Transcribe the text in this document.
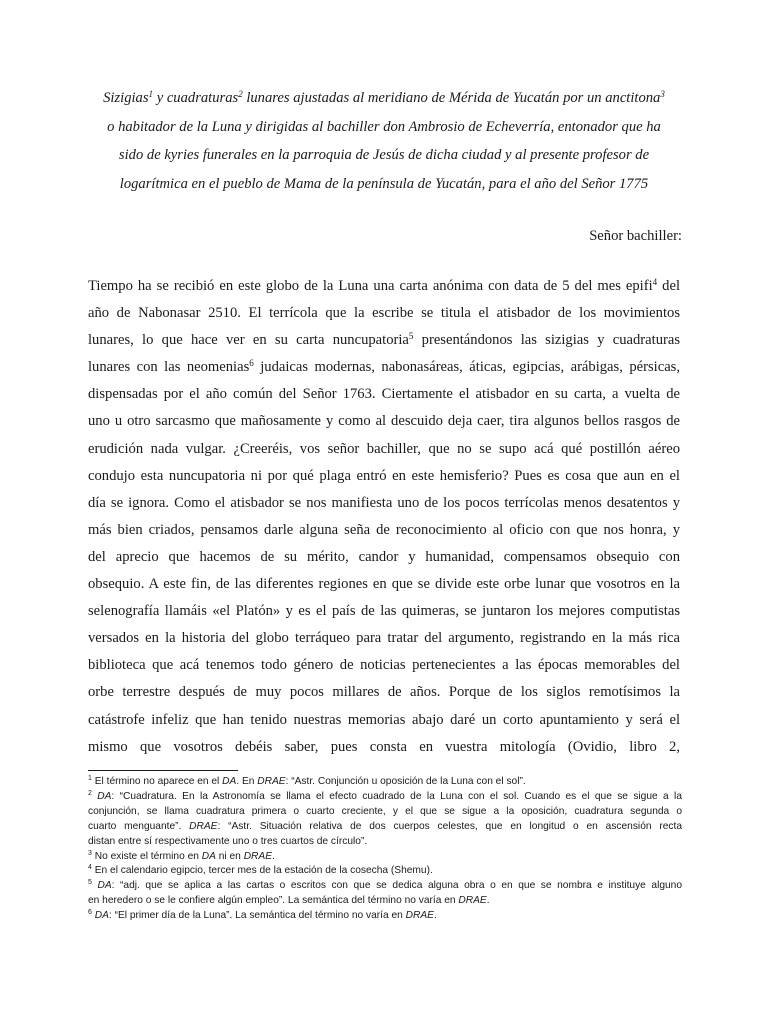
Sizigias$^1$ y cuadraturas$^2$ lunares ajustadas al meridiano de Mérida de Yucatán por un anctitona$^3$
o habitador de la Luna y dirigidas al bachiller don Ambrosio de Echeverría, entonador que ha
sido de kyries funerales en la parroquia de Jesús de dicha ciudad y al presente profesor de
logarítmica en el pueblo de Mama de la península de Yucatán, para el año del Señor 1775

Señor bachiller:

Tiempo ha se recibió en este globo de la Luna una carta anónima con data de 5 del mes epifi$^4$ del
año de Nabonasar 2510. El terrícola que la escribe se titula el atisbador de los movimientos
lunares, lo que hace ver en su carta nuncupatoria$^5$ presentándonos las sizigias y cuadraturas
lunares con las neomenias$^6$ judaicas modernas, nabonasáreas, áticas, egipcias, arábigas, pérsicas,
dispensadas por el año común del Señor 1763. Ciertamente el atisbador en su carta, a vuelta de
uno u otro sarcasmo que mañosamente y como al descuido deja caer, tira algunos bellos rasgos de
erudición nada vulgar. ¿Creeréis, vos señor bachiller, que no se supo acá qué postillón aéreo
condujo esta nuncupatoria ni por qué plaga entró en este hemisferio? Pues es cosa que aun en el
día se ignora. Como el atisbador se nos manifiesta uno de los pocos terrícolas menos desatentos y
más bien criados, pensamos darle alguna seña de reconocimiento al oficio con que nos honra, y
del aprecio que hacemos de su mérito, candor y humanidad, compensamos obsequio con
obsequio. A este fin, de las diferentes regiones en que se divide este orbe lunar que vosotros en la
selenografía llamáis «el Platón» y es el país de las quimeras, se juntaron los mejores computistas
versados en la historia del globo terráqueo para tratar del argumento, registrando en la más rica
biblioteca que acá tenemos todo género de noticias pertenecientes a las épocas memorables del
orbe terrestre después de muy pocos millares de años. Porque de los siglos remotísimos la
catástrofe infeliz que han tenido nuestras memorias abajo daré un corto apuntamiento y será el
mismo que vosotros debéis saber, pues consta en vuestra mitología (Ovidio, libro 2,

$^1$ El término no aparece en el DA. En DRAE: “Astr. Conjunción u oposición de la Luna con el sol”.
$^2$ DA: “Cuadratura. En la Astronomía se llama el efecto cuadrado de la Luna con el sol. Cuando es el que se sigue a la
conjunción, se llama cuadratura primera o cuarto creciente, y el que se sigue a la oposición, cuadratura segunda o
cuarto menguante”. DRAE: “Astr. Situación relativa de dos cuerpos celestes, que en longitud o en ascensión recta
distan entre sí respectivamente uno o tres cuartos de círculo”.
$^3$ No existe el término en DA ni en DRAE.
$^4$ En el calendario egipcio, tercer mes de la estación de la cosecha (Shemu).
$^5$ DA: “adj. que se aplica a las cartas o escritos con que se dedica alguna obra o en que se nombra e instituye alguno
en heredero o se le confiere algún empleo”. La semántica del término no varía en DRAE.
$^6$ DA: “El primer día de la Luna”. La semántica del término no varía en DRAE.
